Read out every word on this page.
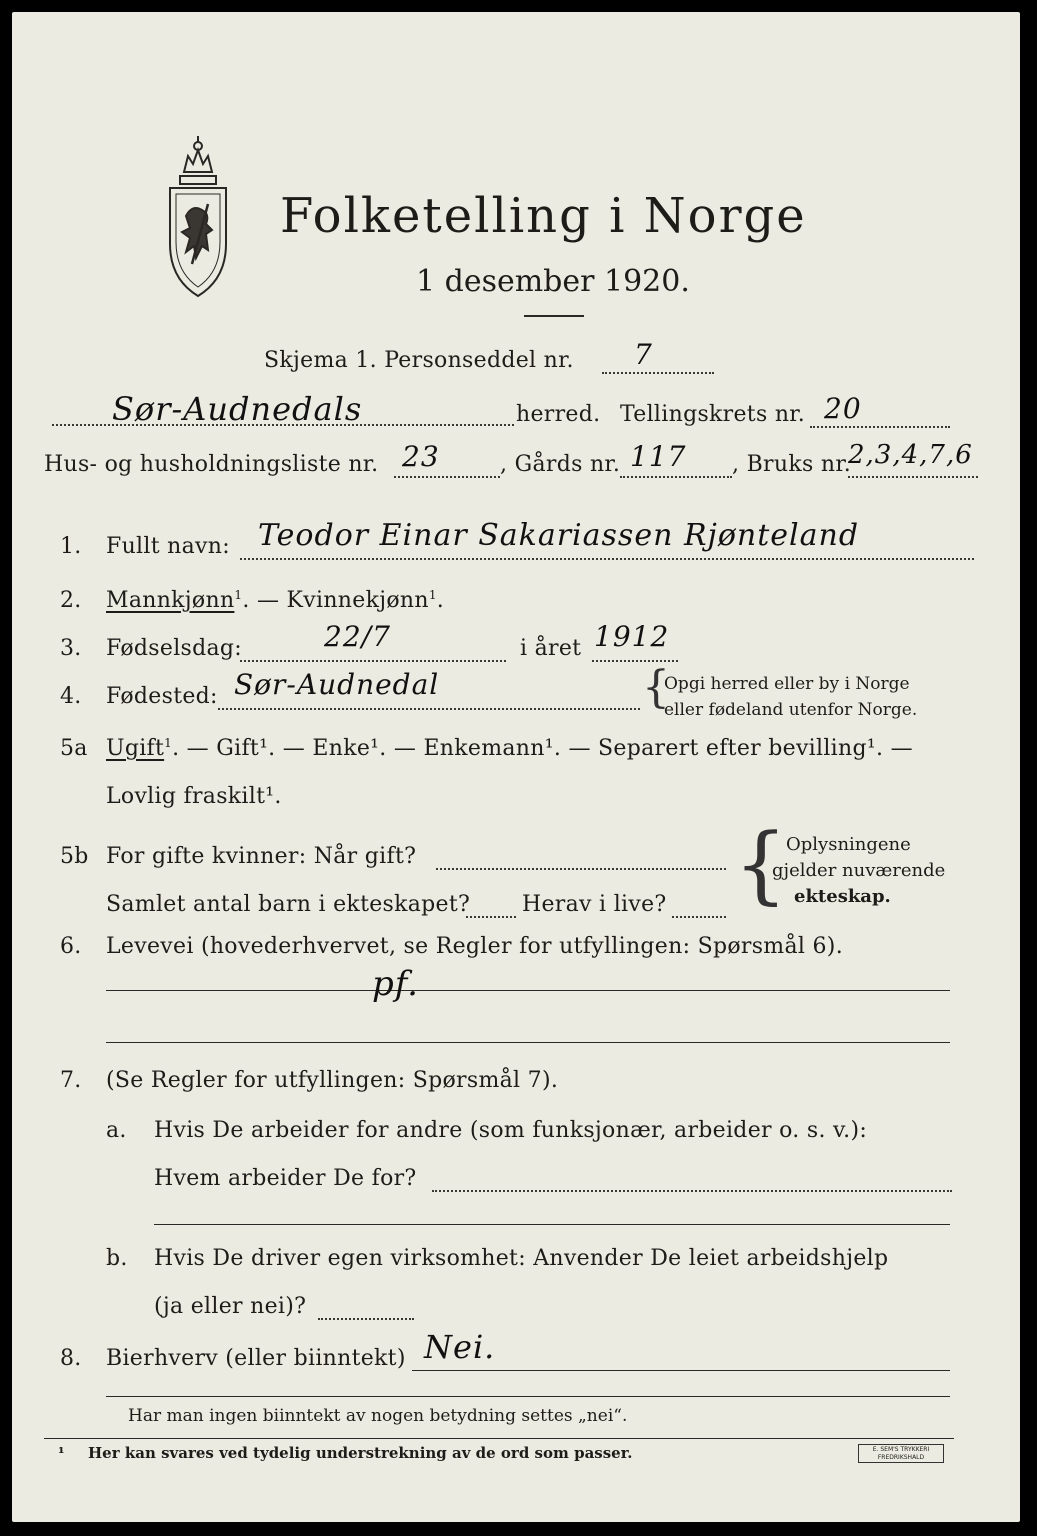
Folketelling i Norge
1 desember 1920.
Skjema 1. Personseddel nr. 7
Sør-Audnedals	herred. Tellingskrets nr. 20
Hus- og husholdningsliste nr. 23	, Gårds nr. 117 , Bruks nr.
2,3,4,7,6
1. Fullt navn: Teodor Einar Sakariassen Rjønteland
2. Mannkjønn$^1$. — Kvinnekjønn$^1$.
3. Fødselsdag:	22/7	i året 1912
4. Fødested: Sør-Audnedal	{
Opgi herred eller by i Norge
eller fødeland utenfor Norge.
5a Ugift$^1$. — Gift¹. — Enke¹. — Enkemann¹. — Separert efter bevilling¹. —
Lovlig fraskilt¹.
5b For gifte kvinner: Når gift?
Samlet antal barn i ekteskapet? Herav i live? {
Oplysningene
gjelder nuværende
ekteskap.
6. Levevei (hovederhvervet, se Regler for utfyllingen: Spørsmål 6).
pf.
7. (Se Regler for utfyllingen: Spørsmål 7).
a. Hvis De arbeider for andre (som funksjonær, arbeider o. s. v.):
Hvem arbeider De for?
b. Hvis De driver egen virksomhet: Anvender De leiet arbeidshjelp
(ja eller nei)?
8. Bierhverv (eller biinntekt) Nei.
Har man ingen biinntekt av nogen betydning settes „nei“.
¹ Her kan svares ved tydelig understrekning av de ord som passer.	E. SEM'S TRYKKERI FREDRIKSHALD
